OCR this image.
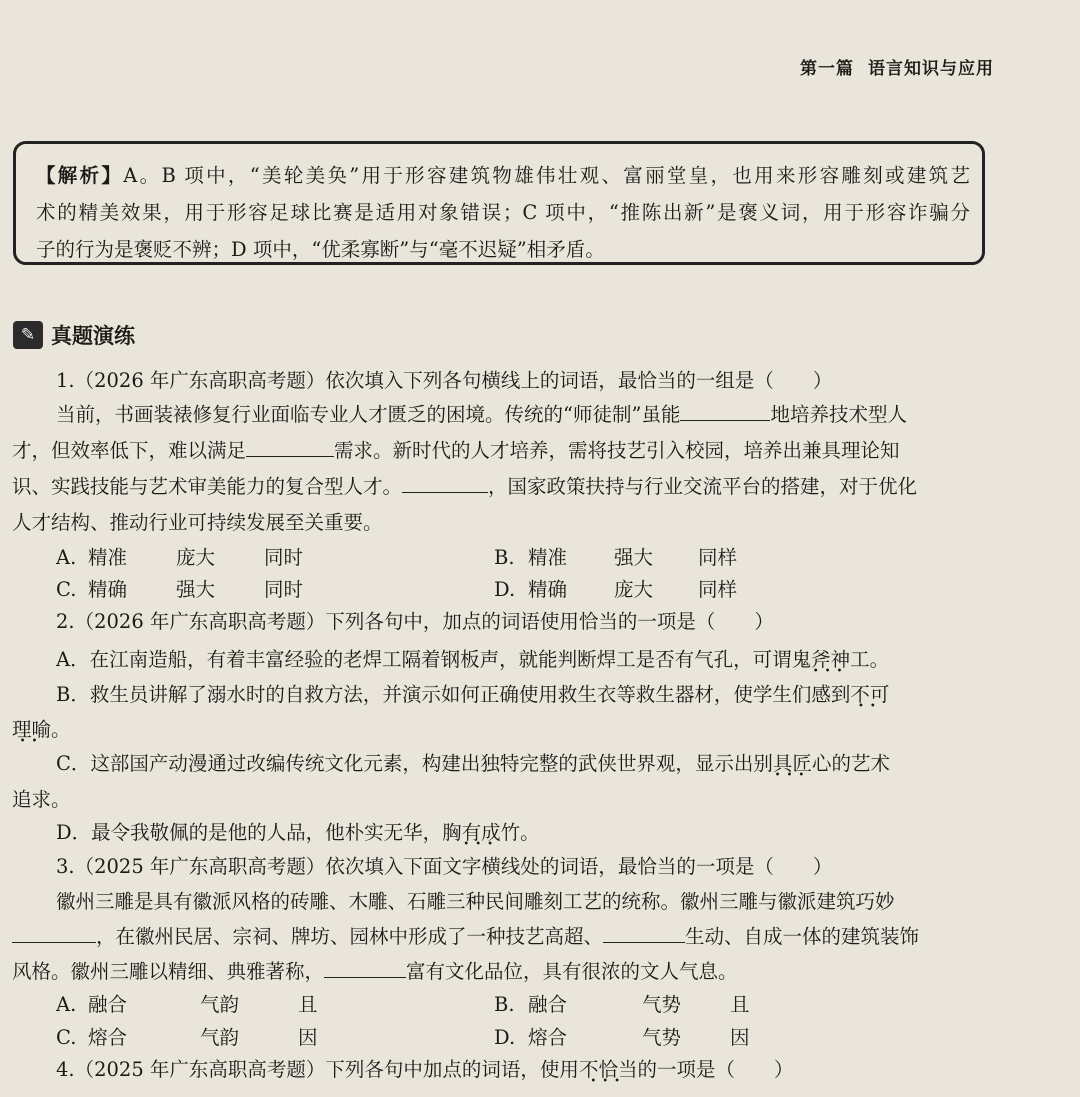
第一篇 语言知识与应用
【解析】A。B 项中，“美轮美奂”用于形容建筑物雄伟壮观、富丽堂皇，也用来形容雕刻或建筑艺
术的精美效果，用于形容足球比赛是适用对象错误；C 项中，“推陈出新”是褒义词，用于形容诈骗分
子的行为是褒贬不辨；D 项中，“优柔寡断”与“毫不迟疑”相矛盾。
✎ 真题演练
1.（2026 年广东高职高考题）依次填入下列各句横线上的词语，最恰当的一组是（　　）
当前，书画装裱修复行业面临专业人才匮乏的困境。传统的“师徒制”虽能	地培养技术型人
才，但效率低下，难以满足	需求。新时代的人才培养，需将技艺引入校园，培养出兼具理论知
识、实践技能与艺术审美能力的复合型人才。	，国家政策扶持与行业交流平台的搭建，对于优化
人才结构、推动行业可持续发展至关重要。
A. 精准	庞大	同时	B. 精准 强大 同样
C. 精确	强大	同时	D. 精确 庞大 同样
2.（2026 年广东高职高考题）下列各句中，加点的词语使用恰当的一项是（　　）
A．在江南造船，有着丰富经验的老焊工隔着钢板声，就能判断焊工是否有气孔，可谓鬼斧神工 •••。
B．救生员讲解了溺水时的自救方法，并演示如何正确使用救生衣等救生器材，使学生们感到不可 ••
理喻 ••。
C．这部国产动漫通过改编传统文化元素，构建出独特完整的武侠世界观，显示出别具匠心 •••的艺术
追求。
D．最令我敬佩的是他的人品，他朴实无华，胸有成竹 •••。
3.（2025 年广东高职高考题）依次填入下面文字横线处的词语，最恰当的一项是（　　）
徽州三雕是具有徽派风格的砖雕、木雕、石雕三种民间雕刻工艺的统称。徽州三雕与徽派建筑巧妙
，在徽州民居、宗祠、牌坊、园林中形成了一种技艺高超、	生动、自成一体的建筑装饰
风格。徽州三雕以精细、典雅著称，	富有文化品位，具有很浓的文人气息。
A. 融合	气韵	且	B. 融合	气势	且
C. 熔合	气韵	因	D. 熔合	气势	因
4.（2025 年广东高职高考题）下列各句中加点的词语，使用不恰当 •••的一项是（　　）
